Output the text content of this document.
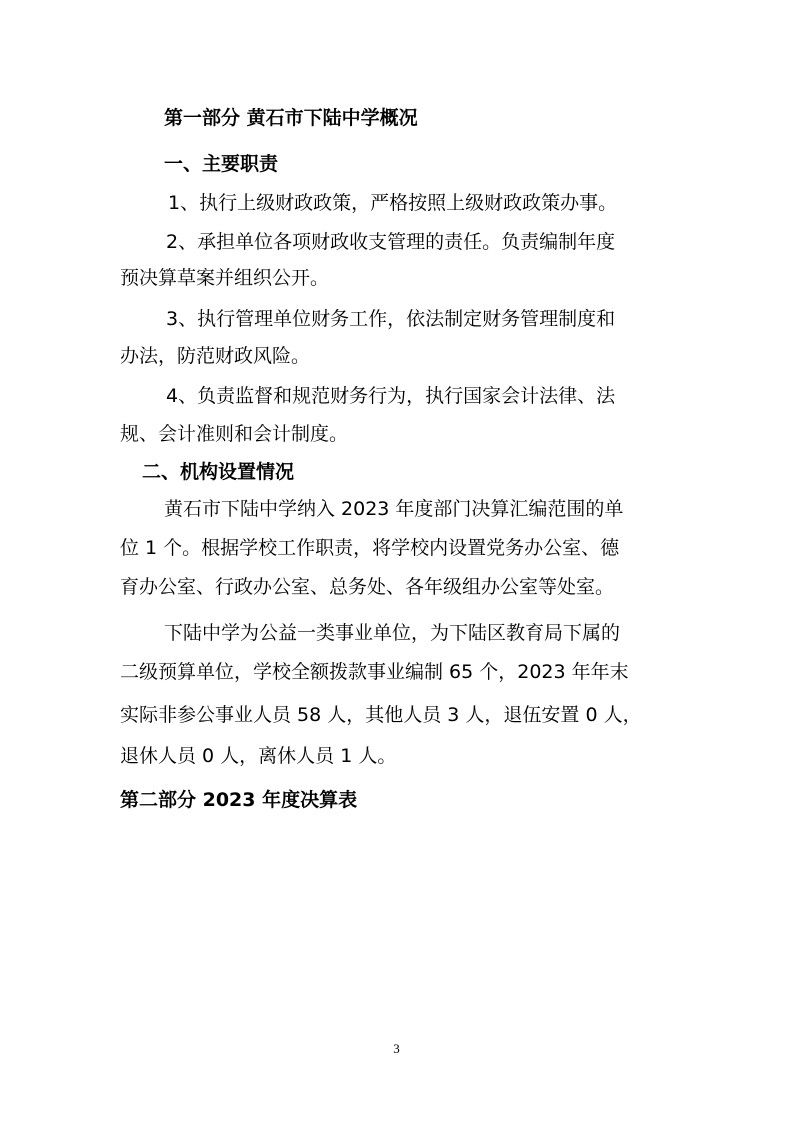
第一部分 黄石市下陆中学概况
一、主要职责
1、执行上级财政政策，严格按照上级财政政策办事。
2、承担单位各项财政收支管理的责任。负责编制年度
预决算草案并组织公开。
3、执行管理单位财务工作，依法制定财务管理制度和
办法，防范财政风险。
4、负责监督和规范财务行为，执行国家会计法律、法
规、会计准则和会计制度。
二、机构设置情况
黄石市下陆中学纳入 2023 年度部门决算汇编范围的单
位 1 个。根据学校工作职责，将学校内设置党务办公室、德
育办公室、行政办公室、总务处、各年级组办公室等处室。
下陆中学为公益一类事业单位，为下陆区教育局下属的
二级预算单位，学校全额拨款事业编制 65 个，2023 年年末
实际非参公事业人员 58 人，其他人员 3 人，退伍安置 0 人，
退休人员 0 人，离休人员 1 人。
第二部分 2023 年度决算表
3
